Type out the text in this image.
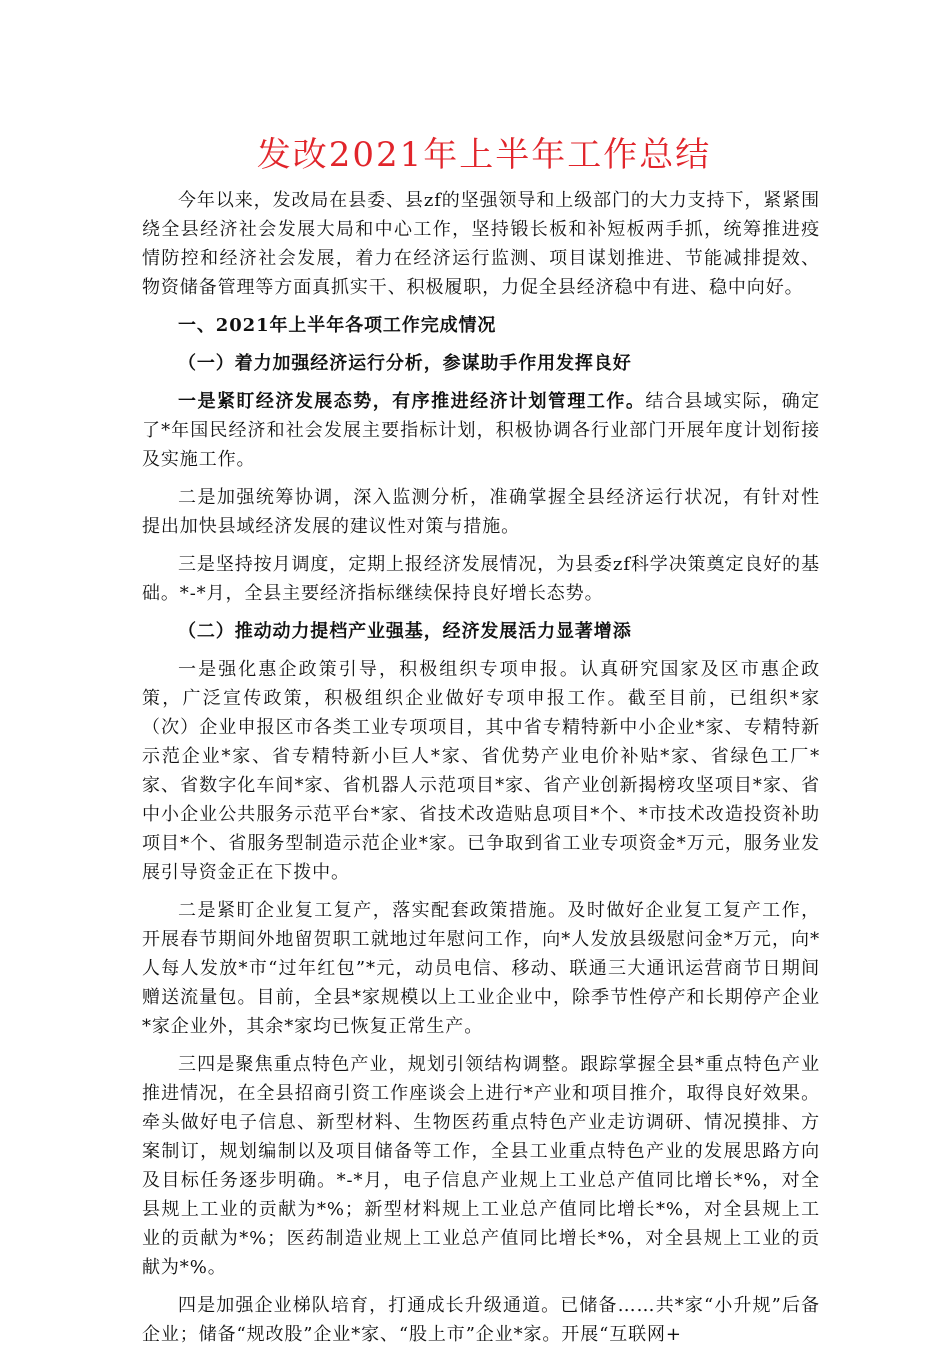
发改2021年上半年工作总结

今年以来，发改局在县委、县zf的坚强领导和上级部门的大力支持下，紧紧围绕全县经济社会发展大局和中心工作，坚持锻长板和补短板两手抓，统筹推进疫情防控和经济社会发展，着力在经济运行监测、项目谋划推进、节能减排提效、物资储备管理等方面真抓实干、积极履职，力促全县经济稳中有进、稳中向好。

一、2021年上半年各项工作完成情况

（一）着力加强经济运行分析，参谋助手作用发挥良好

一是紧盯经济发展态势，有序推进经济计划管理工作。结合县域实际，确定了*年国民经济和社会发展主要指标计划，积极协调各行业部门开展年度计划衔接及实施工作。

二是加强统筹协调，深入监测分析，准确掌握全县经济运行状况，有针对性提出加快县域经济发展的建议性对策与措施。

三是坚持按月调度，定期上报经济发展情况，为县委zf科学决策奠定良好的基础。*-*月，全县主要经济指标继续保持良好增长态势。

（二）推动动力提档产业强基，经济发展活力显著增添

一是强化惠企政策引导，积极组织专项申报。认真研究国家及区市惠企政策，广泛宣传政策，积极组织企业做好专项申报工作。截至目前，已组织*家（次）企业申报区市各类工业专项项目，其中省专精特新中小企业*家、专精特新示范企业*家、省专精特新小巨人*家、省优势产业电价补贴*家、省绿色工厂*家、省数字化车间*家、省机器人示范项目*家、省产业创新揭榜攻坚项目*家、省中小企业公共服务示范平台*家、省技术改造贴息项目*个、*市技术改造投资补助项目*个、省服务型制造示范企业*家。已争取到省工业专项资金*万元，服务业发展引导资金正在下拨中。

二是紧盯企业复工复产，落实配套政策措施。及时做好企业复工复产工作，开展春节期间外地留贺职工就地过年慰问工作，向*人发放县级慰问金*万元，向*人每人发放*市“过年红包”*元，动员电信、移动、联通三大通讯运营商节日期间赠送流量包。目前，全县*家规模以上工业企业中，除季节性停产和长期停产企业*家企业外，其余*家均已恢复正常生产。

三四是聚焦重点特色产业，规划引领结构调整。跟踪掌握全县*重点特色产业推进情况，在全县招商引资工作座谈会上进行*产业和项目推介，取得良好效果。牵头做好电子信息、新型材料、生物医药重点特色产业走访调研、情况摸排、方案制订，规划编制以及项目储备等工作，全县工业重点特色产业的发展思路方向及目标任务逐步明确。*-*月，电子信息产业规上工业总产值同比增长*%，对全县规上工业的贡献为*%；新型材料规上工业总产值同比增长*%，对全县规上工业的贡献为*%；医药制造业规上工业总产值同比增长*%，对全县规上工业的贡献为*%。

四是加强企业梯队培育，打通成长升级通道。已储备……共*家“小升规”后备企业；储备“规改股”企业*家、“股上市”企业*家。开展“互联网+
